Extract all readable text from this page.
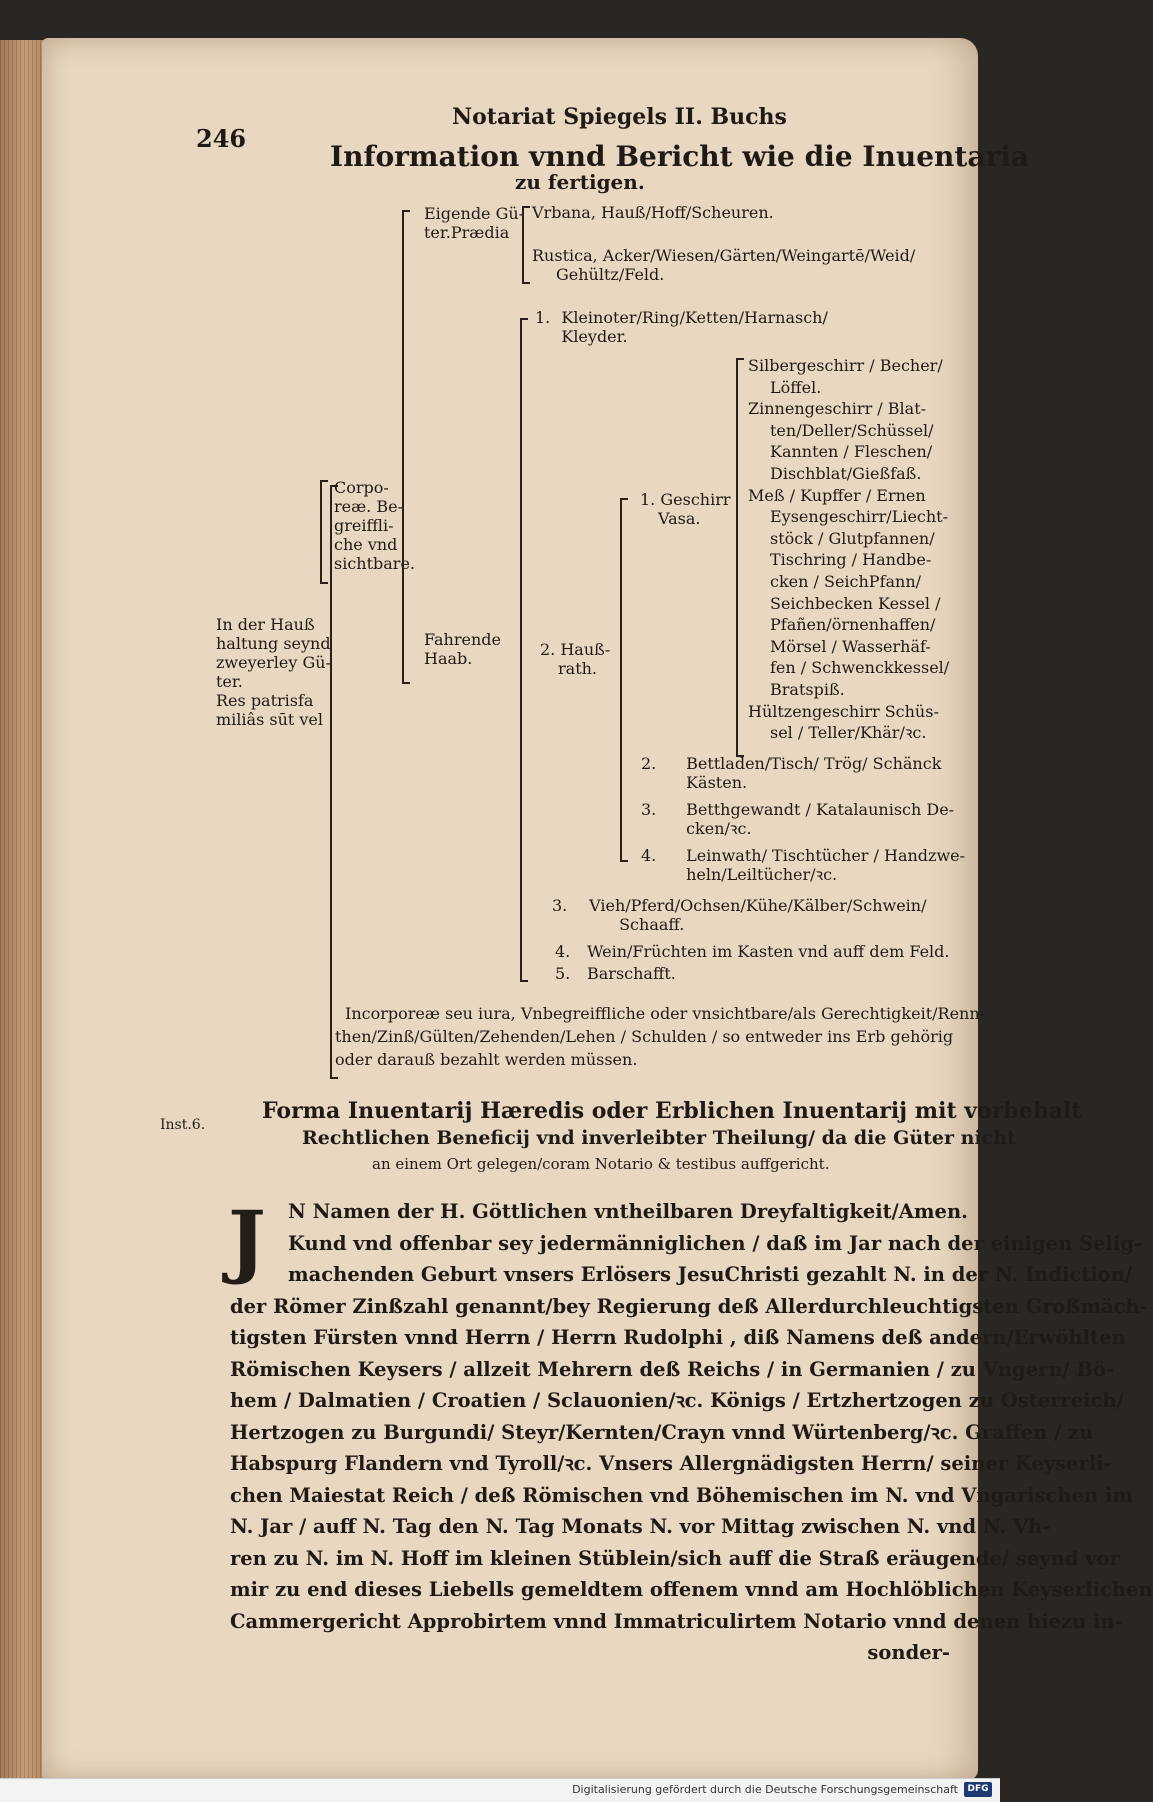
246
Notariat Spiegels II. Buchs
Information vnnd Bericht wie die Inuentaria
zu fertigen.
In der Hauß
haltung seynd
zweyerley Gü-
ter.
Res patrisfa
miliâs sūt vel
Corpo-
reæ. Be-
greiffli-
che vnd
sichtbare.
Eigende Gü-
ter.Prædia
Vrbana, Hauß/Hoff/Scheuren.
Rustica, Acker/Wiesen/Gärten/Weingartē/Weid/
Gehültz/Feld.
Fahrende
Haab.
1. Kleinoter/Ring/Ketten/Harnasch/
Kleyder.
2. Hauß-
rath.
1. Geschirr
Vasa.
Silbergeschirr / Becher/
Löffel.
Zinnengeschirr / Blat-
ten/Deller/Schüssel/
Kannten / Fleschen/
Dischblat/Gießfaß.
Meß / Kupffer / Ernen
Eysengeschirr/Liecht-
stöck / Glutpfannen/
Tischring / Handbe-
cken / SeichPfann/
Seichbecken Kessel /
Pfañen/örnenhaffen/
Mörsel / Wasserhäf-
fen / Schwenckkessel/
Bratspiß.
Hültzengeschirr Schüs-
sel / Teller/Khär/ꝛc.
2. Bettladen/Tisch/ Trög/ Schänck
Kästen.
3. Betthgewandt / Katalaunisch De-
cken/ꝛc.
4. Leinwath/ Tischtücher / Handzwe-
heln/Leiltücher/ꝛc.
3. Vieh/Pferd/Ochsen/Kühe/Kälber/Schwein/
Schaaff.
4. Wein/Früchten im Kasten vnd auff dem Feld.
5. Barschafft.
Incorporeæ seu iura, Vnbegreiffliche oder vnsichtbare/als Gerechtigkeit/Renn-
then/Zinß/Gülten/Zehenden/Lehen / Schulden / so entweder ins Erb gehörig
oder darauß bezahlt werden müssen.
Inst.6.
Forma Inuentarij Hæredis oder Erblichen Inuentarij mit vorbehalt
Rechtlichen Beneficij vnd inverleibter Theilung/ da die Güter nicht
an einem Ort gelegen/coram Notario & testibus auffgericht.
J	N Namen der H. Göttlichen vntheilbaren Dreyfaltigkeit/Amen.
Kund vnd offenbar sey jedermänniglichen / daß im Jar nach der einigen Selig-
machenden Geburt vnsers Erlösers JesuChristi gezahlt N. in der N. Indiction/
der Römer Zinßzahl genannt/bey Regierung deß Allerdurchleuchtigsten Großmäch-
tigsten Fürsten vnnd Herrn / Herrn Rudolphi , diß Namens deß andern/Erwöhlten
Römischen Keysers / allzeit Mehrern deß Reichs / in Germanien / zu Vngern/ Bö-
hem / Dalmatien / Croatien / Sclauonien/ꝛc. Königs / Ertzhertzogen zu Osterreich/
Hertzogen zu Burgundi/ Steyr/Kernten/Crayn vnnd Würtenberg/ꝛc. Graffen / zu
Habspurg Flandern vnd Tyroll/ꝛc. Vnsers Allergnädigsten Herrn/ seiner Keyserli-
chen Maiestat Reich / deß Römischen vnd Böhemischen im N. vnd Vngarischen im
N. Jar / auff N. Tag den N. Tag Monats N. vor Mittag zwischen N. vnd N. Vh-
ren zu N. im N. Hoff im kleinen Stüblein/sich auff die Straß eräugende/ seynd vor
mir zu end dieses Liebells gemeldtem offenem vnnd am Hochlöblichen Keyserlichen
Cammergericht Approbirtem vnnd Immatriculirtem Notario vnnd denen hiezu in-
sonder-
Digitalisierung gefördert durch die Deutsche Forschungsgemeinschaft	DFG
